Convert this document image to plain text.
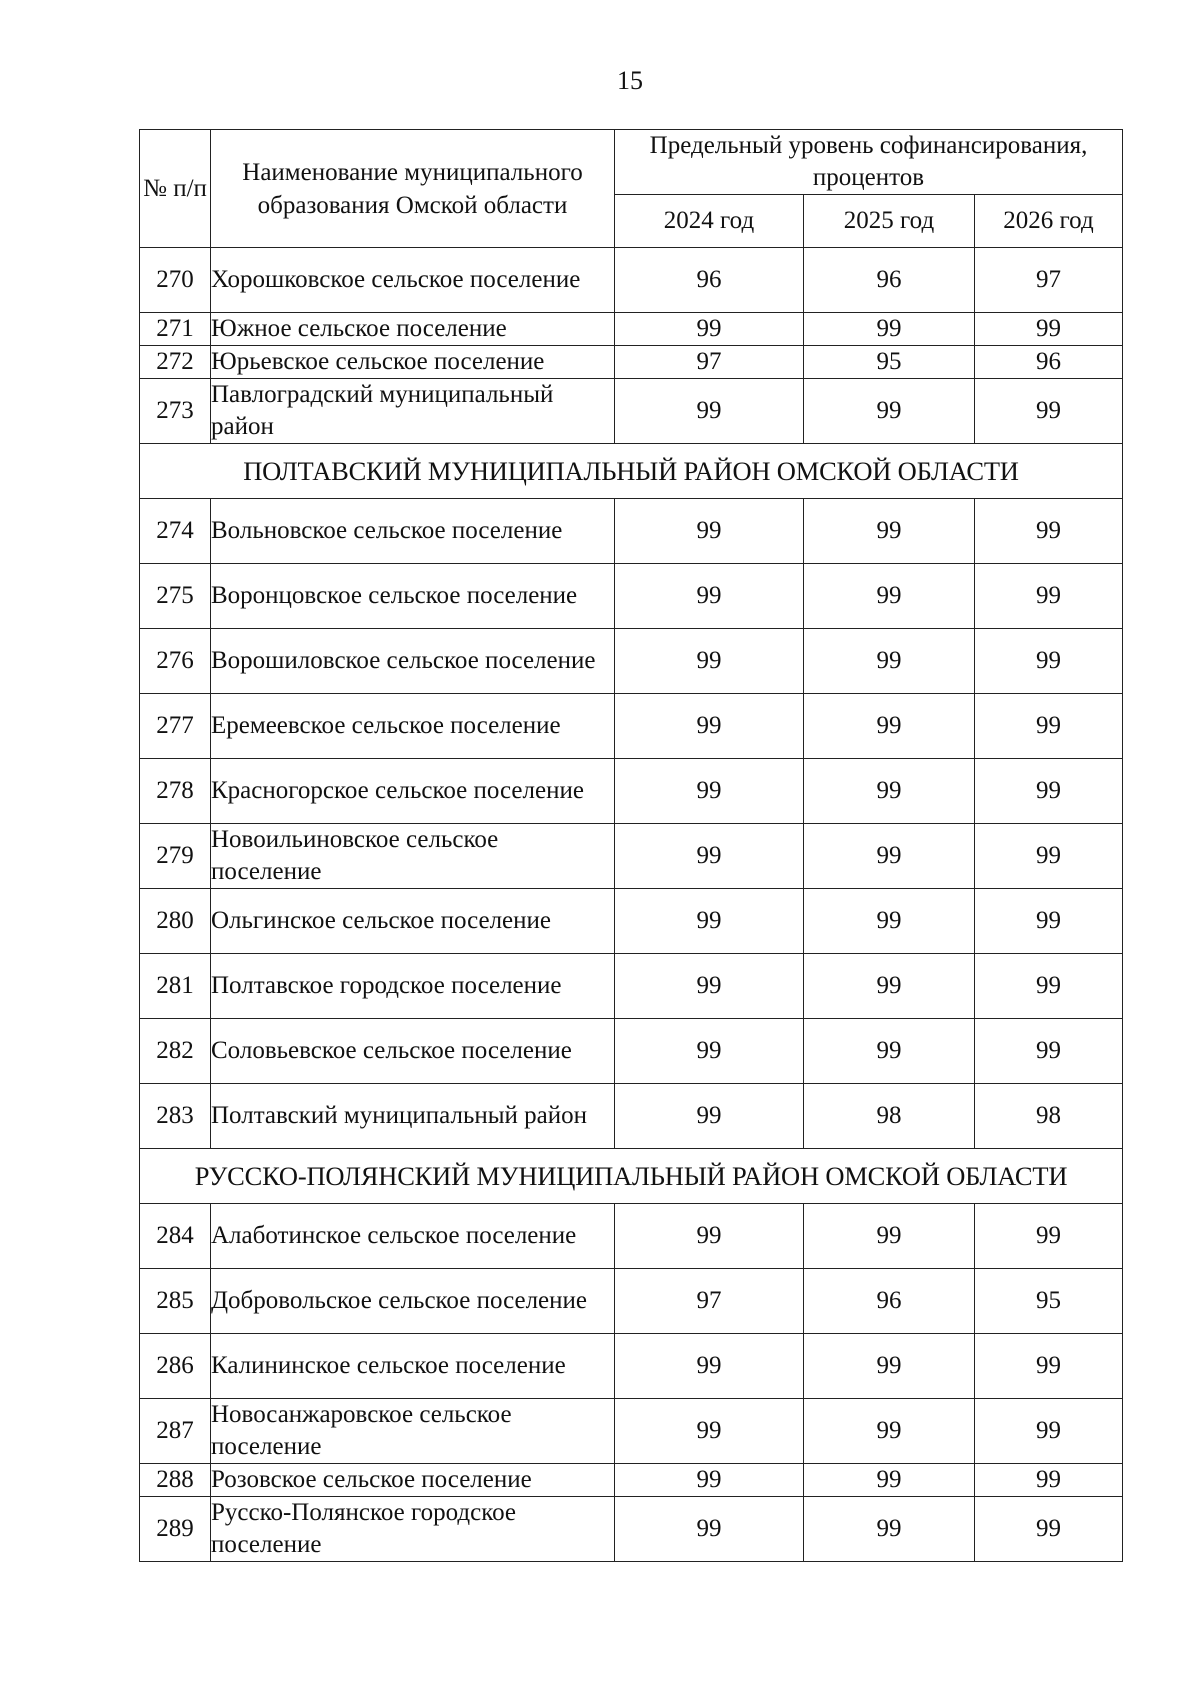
15
№ п/п	Наименование муниципального образования Омской области	Предельный уровень софинансирования, процентов		
		2024 год	2025 год	2026 год
270	Хорошковское сельское поселение	96	96	97
271	Южное сельское поселение	99	99	99
272	Юрьевское сельское поселение	97	95	96
273	Павлоградский муниципальный район	99	99	99
ПОЛТАВСКИЙ МУНИЦИПАЛЬНЫЙ РАЙОН ОМСКОЙ ОБЛАСТИ				
274	Вольновское сельское поселение	99	99	99
275	Воронцовское сельское поселение	99	99	99
276	Ворошиловское сельское поселение	99	99	99
277	Еремеевское сельское поселение	99	99	99
278	Красногорское сельское поселение	99	99	99
279	Новоильиновское сельское поселение	99	99	99
280	Ольгинское сельское поселение	99	99	99
281	Полтавское городское поселение	99	99	99
282	Соловьевское сельское поселение	99	99	99
283	Полтавский муниципальный район	99	98	98
РУССКО-ПОЛЯНСКИЙ МУНИЦИПАЛЬНЫЙ РАЙОН ОМСКОЙ ОБЛАСТИ				
284	Алаботинское сельское поселение	99	99	99
285	Добровольское сельское поселение	97	96	95
286	Калининское сельское поселение	99	99	99
287	Новосанжаровское сельское поселение	99	99	99
288	Розовское сельское поселение	99	99	99
289	Русско-Полянское городское поселение	99	99	99
